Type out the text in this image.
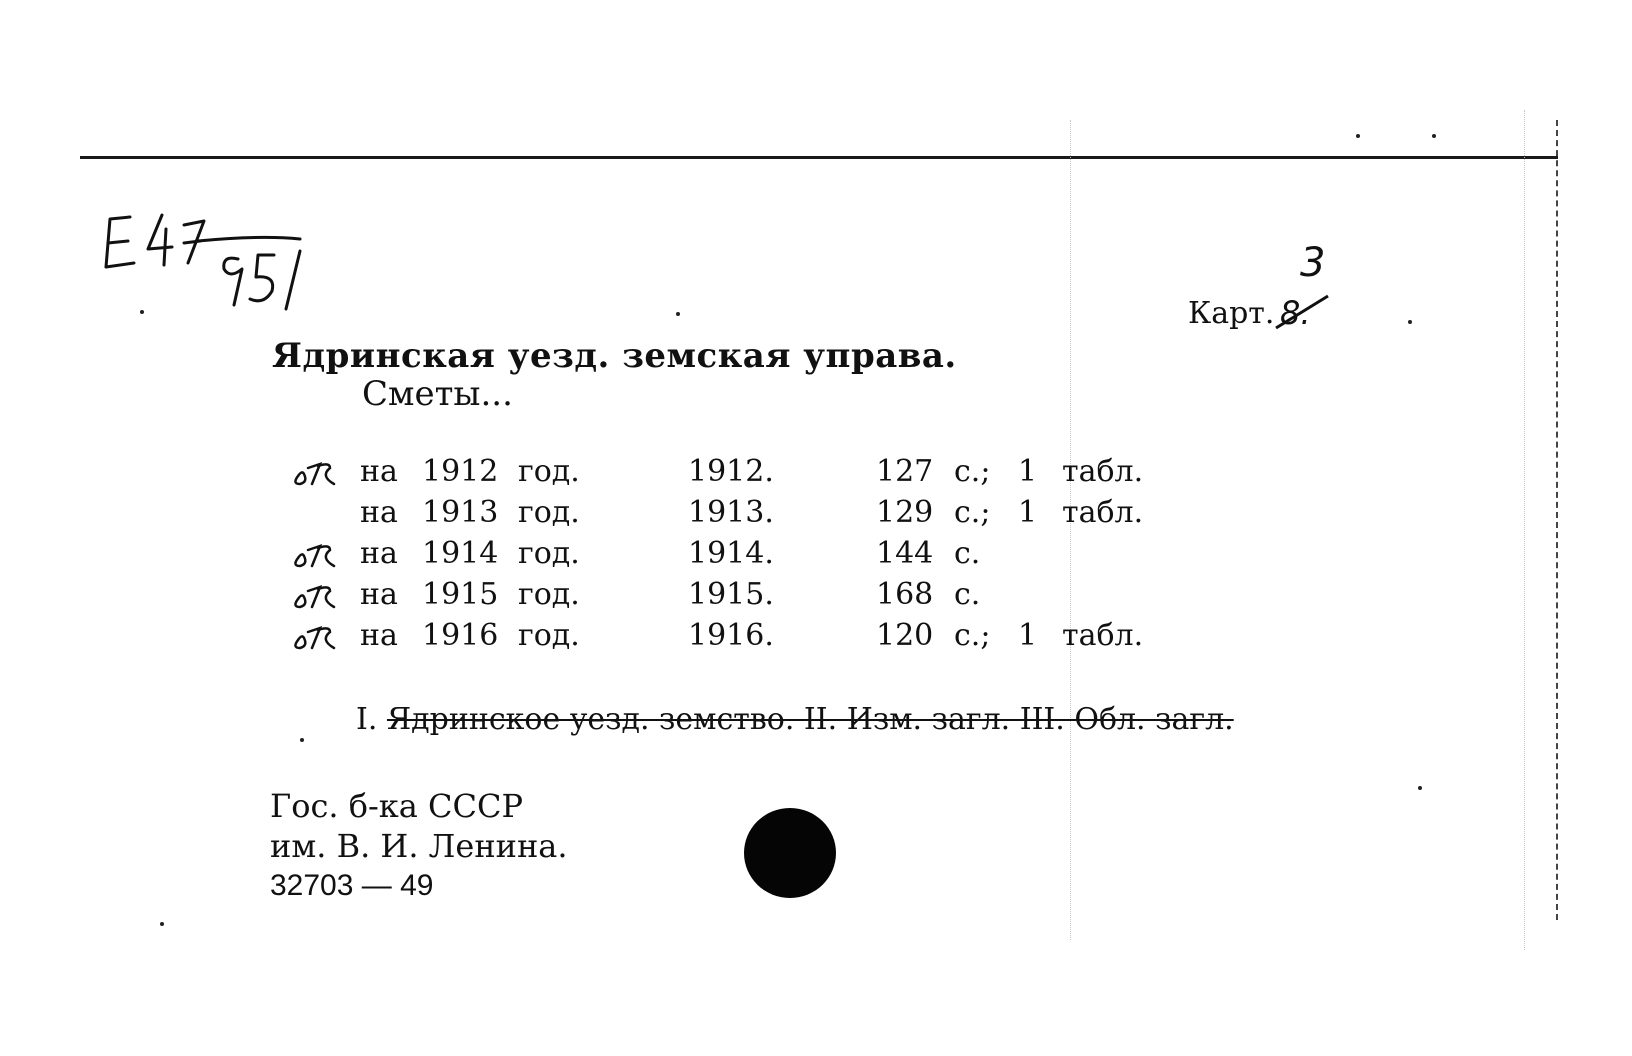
Карт. 8.
3
Ядринская уезд. земская управа.
Сметы...
на 1912 год.	1912.	127 с.; 1 табл.
на 1913 год.	1913.	129 с.; 1 табл.
на 1914 год.	1914.	144 с.
на 1915 год.	1915.	168 с.
на 1916 год.	1916.	120 с.; 1 табл.
I. Ядринское уезд. земство. II. Изм. загл. III. Обл. загл.
Гос. б-ка СССР
им. В. И. Ленина.
32703 — 49
